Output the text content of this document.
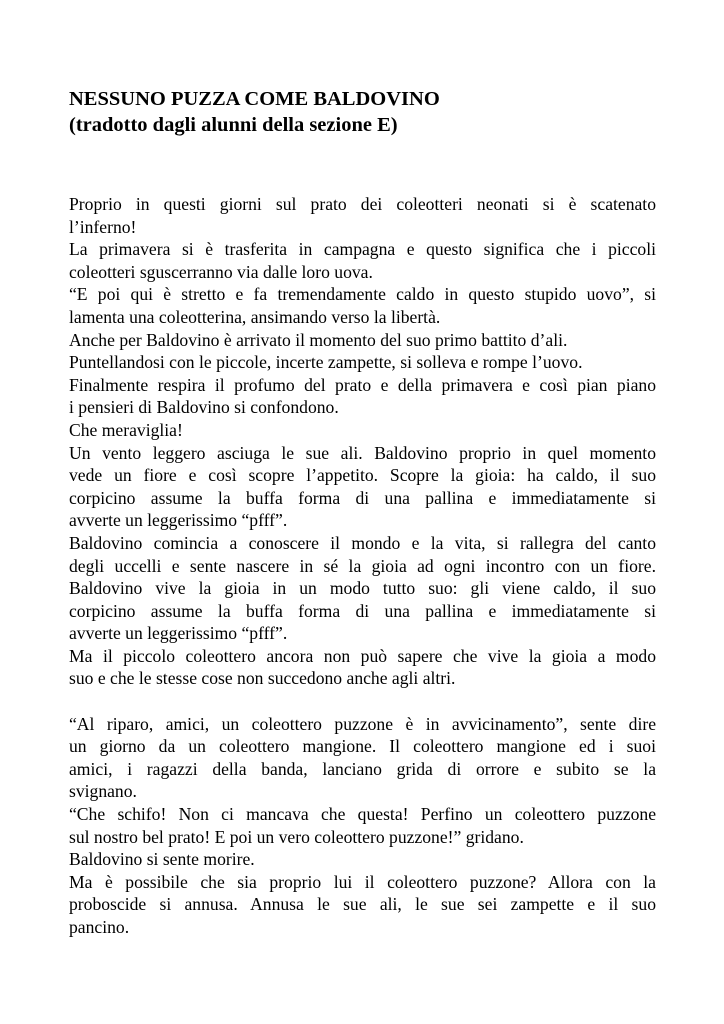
NESSUNO PUZZA COME BALDOVINO
(tradotto dagli alunni della sezione E)
Proprio in questi giorni sul prato dei coleotteri neonati si è scatenato
l’inferno!
La primavera si è trasferita in campagna e questo significa che i piccoli
coleotteri sguscerranno via dalle loro uova.
“E poi qui è stretto e fa tremendamente caldo in questo stupido uovo”, si
lamenta una coleotterina, ansimando verso la libertà.
Anche per Baldovino è arrivato il momento del suo primo battito d’ali.
Puntellandosi con le piccole, incerte zampette, si solleva e rompe l’uovo.
Finalmente respira il profumo del prato e della primavera e così pian piano
i pensieri di Baldovino si confondono.
Che meraviglia!
Un vento leggero asciuga le sue ali. Baldovino proprio in quel momento
vede un fiore e così scopre l’appetito. Scopre la gioia: ha caldo, il suo
corpicino assume la buffa forma di una pallina e immediatamente si
avverte un leggerissimo “pfff”.
Baldovino comincia a conoscere il mondo e la vita, si rallegra del canto
degli uccelli e sente nascere in sé la gioia ad ogni incontro con un fiore.
Baldovino vive la gioia in un modo tutto suo: gli viene caldo, il suo
corpicino assume la buffa forma di una pallina e immediatamente si
avverte un leggerissimo “pfff”.
Ma il piccolo coleottero ancora non può sapere che vive la gioia a modo
suo e che le stesse cose non succedono anche agli altri.
“Al riparo, amici, un coleottero puzzone è in avvicinamento”, sente dire
un giorno da un coleottero mangione. Il coleottero mangione ed i suoi
amici, i ragazzi della banda, lanciano grida di orrore e subito se la
svignano.
“Che schifo! Non ci mancava che questa! Perfino un coleottero puzzone
sul nostro bel prato! E poi un vero coleottero puzzone!” gridano.
Baldovino si sente morire.
Ma è possibile che sia proprio lui il coleottero puzzone? Allora con la
proboscide si annusa. Annusa le sue ali, le sue sei zampette e il suo
pancino.
